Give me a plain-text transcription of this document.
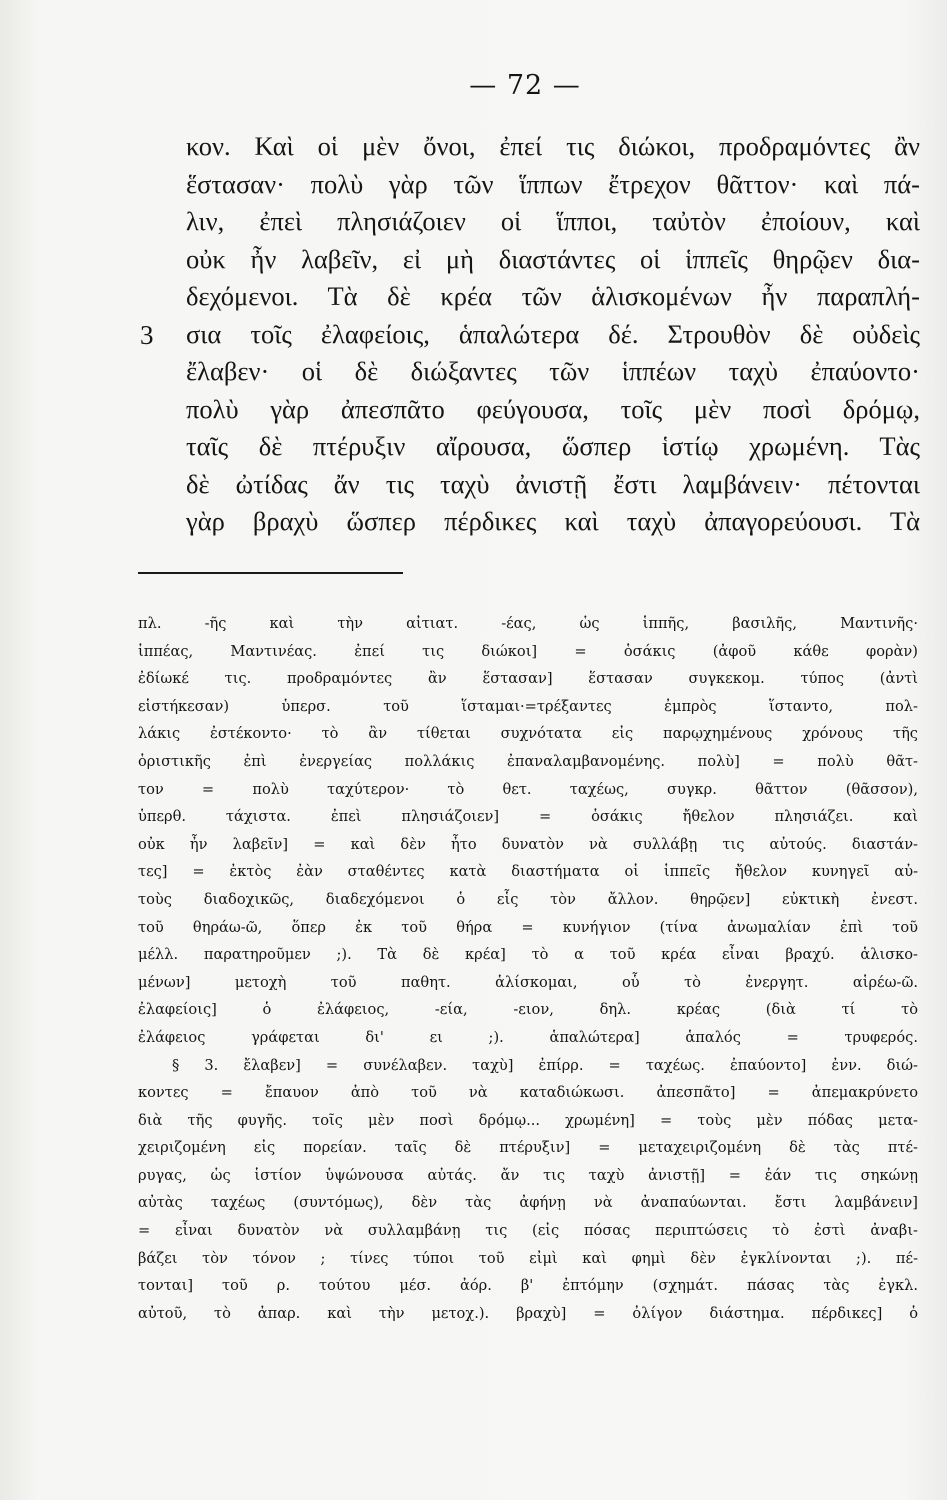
— 72 —
3
κον. Καὶ οἱ μὲν ὄνοι, ἐπεί τις διώκοι, προδραμόντες ἂν
ἕστασαν· πολὺ γὰρ τῶν ἵππων ἔτρεχον θᾶττον· καὶ πά-
λιν, ἐπεὶ πλησιάζοιεν οἱ ἵπποι, ταὐτὸν ἐποίουν, καὶ
οὐκ ἦν λαβεῖν, εἰ μὴ διαστάντες οἱ ἱππεῖς θηρῷεν δια-
δεχόμενοι. Τὰ δὲ κρέα τῶν ἁλισκομένων ἦν παραπλή-
σια τοῖς ἐλαφείοις, ἁπαλώτερα δέ. Στρουθὸν δὲ οὐδεὶς
ἔλαβεν· οἱ δὲ διώξαντες τῶν ἱππέων ταχὺ ἐπαύοντο·
πολὺ γὰρ ἀπεσπᾶτο φεύγουσα, τοῖς μὲν ποσὶ δρόμῳ,
ταῖς δὲ πτέρυξιν αἴρουσα, ὥσπερ ἱστίῳ χρωμένη. Τὰς
δὲ ὠτίδας ἄν τις ταχὺ ἀνιστῇ ἔστι λαμβάνειν· πέτονται
γὰρ βραχὺ ὥσπερ πέρδικες καὶ ταχὺ ἀπαγορεύουσι. Τὰ
πλ. -ῆς καὶ τὴν αἰτιατ. -έας, ὡς ἱππῆς, βασιλῆς, Μαντινῆς·
ἱππέας, Μαντινέας. ἐπεί τις διώκοι] = ὁσάκις (ἀφοῦ κάθε φορὰν)
ἐδίωκέ τις. προδραμόντες ἂν ἕστασαν] ἕστασαν συγκεκομ. τύπος (ἀντὶ
εἱστήκεσαν) ὑπερσ. τοῦ ἵσταμαι·=τρέξαντες ἐμπρὸς ἵσταντο, πολ-
λάκις ἐστέκοντο· τὸ ἂν τίθεται συχνότατα εἰς παρῳχημένους χρόνους τῆς
ὁριστικῆς ἐπὶ ἐνεργείας πολλάκις ἐπαναλαμβανομένης. πολὺ] = πολὺ θᾶτ-
τον = πολὺ ταχύτερον· τὸ θετ. ταχέως, συγκρ. θᾶττον (θᾶσσον),
ὑπερθ. τάχιστα. ἐπεὶ πλησιάζοιεν] = ὁσάκις ἤθελον πλησιάζει. καὶ
οὐκ ἦν λαβεῖν] = καὶ δὲν ἦτο δυνατὸν νὰ συλλάβῃ τις αὐτούς. διαστάν-
τες] = ἐκτὸς ἐὰν σταθέντες κατὰ διαστήματα οἱ ἱππεῖς ἤθελον κυνηγεῖ αὐ-
τοὺς διαδοχικῶς, διαδεχόμενοι ὁ εἷς τὸν ἄλλον. θηρῷεν] εὐκτικὴ ἐνεστ.
τοῦ θηράω-ῶ, ὅπερ ἐκ τοῦ θήρα = κυνήγιον (τίνα ἀνωμαλίαν ἐπὶ τοῦ
μέλλ. παρατηροῦμεν ;). Τὰ δὲ κρέα] τὸ α τοῦ κρέα εἶναι βραχύ. ἁλισκο-
μένων] μετοχὴ τοῦ παθητ. ἁλίσκομαι, οὗ τὸ ἐνεργητ. αἱρέω-ῶ.
ἐλαφείοις] ὁ ἐλάφειος, -εία, -ειον, δηλ. κρέας (διὰ τί τὸ
ἐλάφειος γράφεται δι' ει ;). ἁπαλώτερα] ἁπαλός = τρυφερός.
§ 3. ἔλαβεν] = συνέλαβεν. ταχὺ] ἐπίρρ. = ταχέως. ἐπαύοντο] ἐνν. διώ-
κοντες = ἔπαυον ἀπὸ τοῦ νὰ καταδιώκωσι. ἀπεσπᾶτο] = ἀπεμακρύνετο
διὰ τῆς φυγῆς. τοῖς μὲν ποσὶ δρόμῳ... χρωμένη] = τοὺς μὲν πόδας μετα-
χειριζομένη εἰς πορείαν. ταῖς δὲ πτέρυξιν] = μεταχειριζομένη δὲ τὰς πτέ-
ρυγας, ὡς ἱστίον ὑψώνουσα αὐτάς. ἄν τις ταχὺ ἀνιστῇ] = ἐάν τις σηκώνῃ
αὐτὰς ταχέως (συντόμως), δὲν τὰς ἀφήνῃ νὰ ἀναπαύωνται. ἔστι λαμβάνειν]
= εἶναι δυνατὸν νὰ συλλαμβάνῃ τις (εἰς πόσας περιπτώσεις τὸ ἐστὶ ἀναβι-
βάζει τὸν τόνον ; τίνες τύποι τοῦ εἰμὶ καὶ φημὶ δὲν ἐγκλίνονται ;). πέ-
τονται] τοῦ ρ. τούτου μέσ. ἀόρ. β' ἐπτόμην (σχημάτ. πάσας τὰς ἐγκλ.
αὐτοῦ, τὸ ἀπαρ. καὶ τὴν μετοχ.). βραχὺ] = ὀλίγον διάστημα. πέρδικες] ὁ
